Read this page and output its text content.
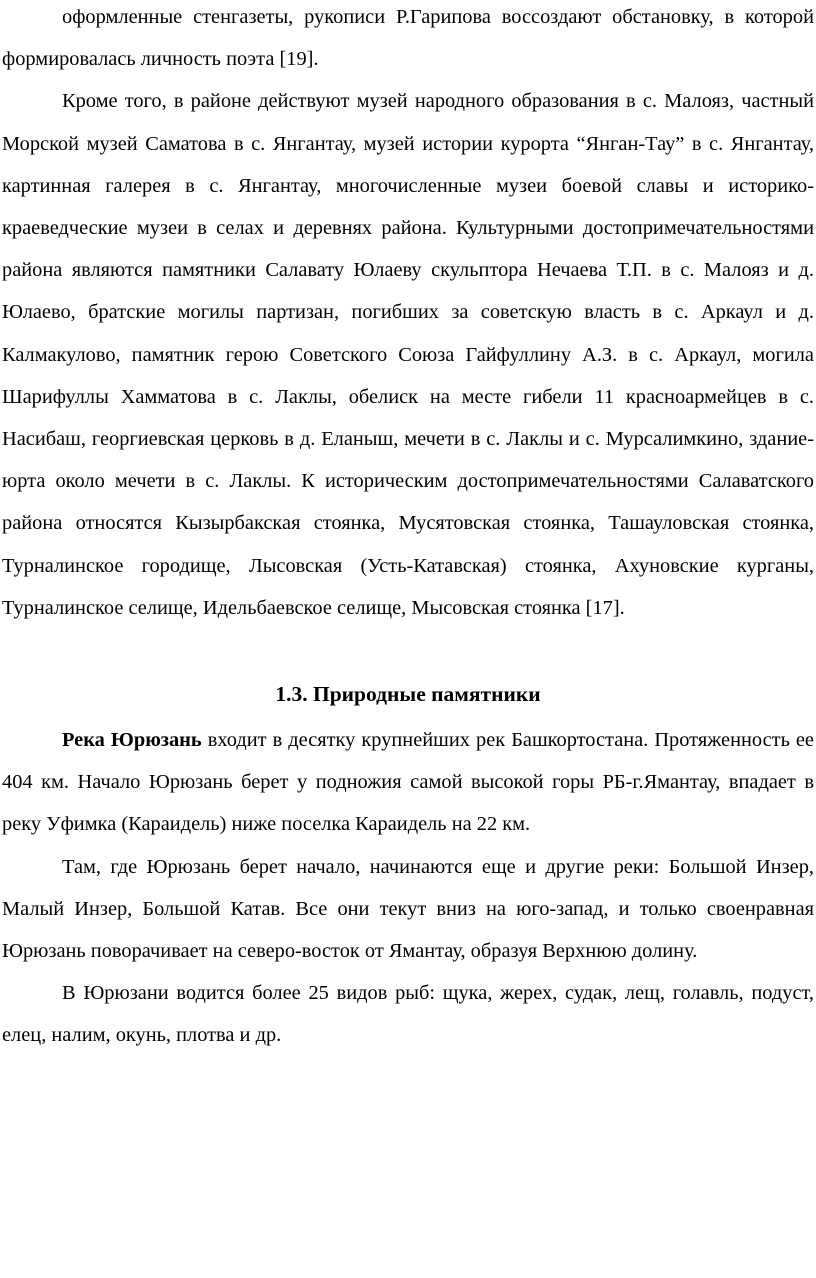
оформленные стенгазеты, рукописи Р.Гарипова воссоздают обстановку, в которой формировалась личность поэта [19].

Кроме того, в районе действуют музей народного образования в с. Малояз, частный Морской музей Саматова в с. Янгантау, музей истории курорта “Янган-Тау” в с. Янгантау, картинная галерея в с. Янгантау, многочисленные музеи боевой славы и историко-краеведческие музеи в селах и деревнях района. Культурными достопримечательностями района являются памятники Салавату Юлаеву скульптора Нечаева Т.П. в с. Малояз и д. Юлаево, братские могилы партизан, погибших за советскую власть в с. Аркаул и д. Калмакулово, памятник герою Советского Союза Гайфуллину А.З. в с. Аркаул, могила Шарифуллы Хамматова в с. Лаклы, обелиск на месте гибели 11 красноармейцев в с. Насибаш, георгиевская церковь в д. Еланыш, мечети в с. Лаклы и с. Мурсалимкино, здание-юрта около мечети в с. Лаклы. К историческим достопримечательностями Салаватского района относятся Кызырбакская стоянка, Мусятовская стоянка, Ташауловская стоянка, Турналинское городище, Лысовская (Усть-Катавская) стоянка, Ахуновские курганы, Турналинское селище, Идельбаевское селище, Мысовская стоянка [17].

1.3. Природные памятники

Река Юрюзань входит в десятку крупнейших рек Башкортостана. Протяженность ее 404 км. Начало Юрюзань берет у подножия самой высокой горы РБ-г.Ямантау, впадает в реку Уфимка (Караидель) ниже поселка Караидель на 22 км.

Там, где Юрюзань берет начало, начинаются еще и другие реки: Большой Инзер, Малый Инзер, Большой Катав. Все они текут вниз на юго-запад, и только своенравная Юрюзань поворачивает на северо-восток от Ямантау, образуя Верхнюю долину.

В Юрюзани водится более 25 видов рыб: щука, жерех, судак, лещ, голавль, подуст, елец, налим, окунь, плотва и др.
